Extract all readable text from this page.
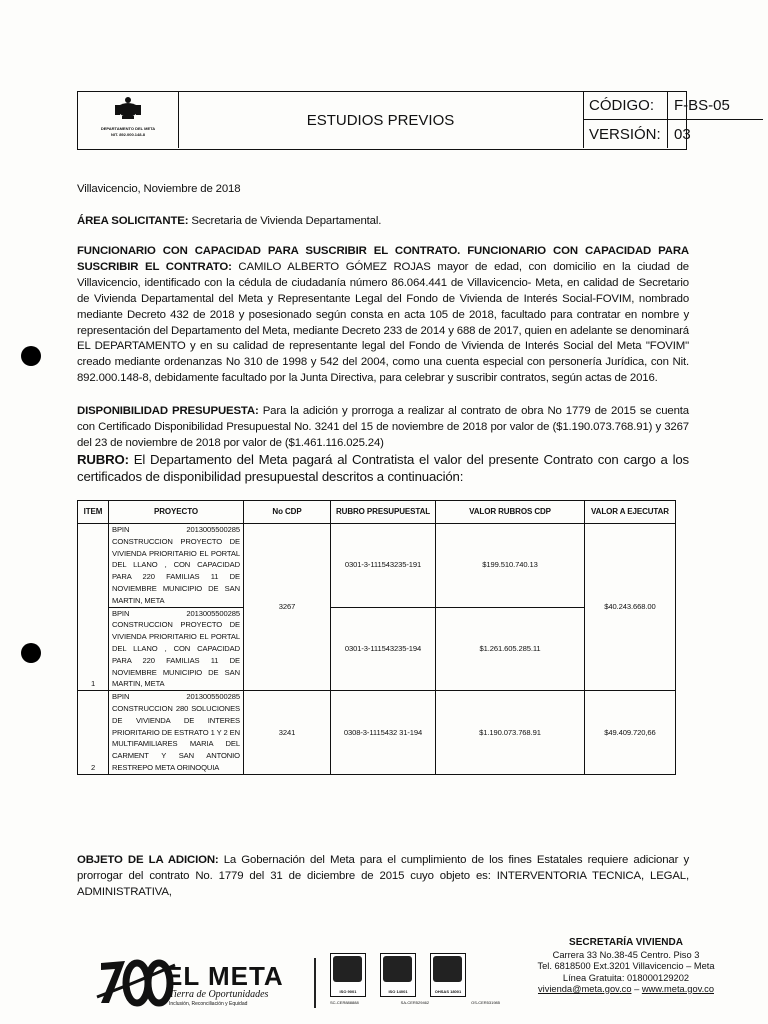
DEPARTAMENTO DEL META
NIT. 892.000.148-8
ESTUDIOS PREVIOS
CÓDIGO:	F-BS-05
VERSIÓN: 03
Villavicencio, Noviembre de 2018
ÁREA SOLICITANTE: Secretaria de Vivienda Departamental.
FUNCIONARIO CON CAPACIDAD PARA SUSCRIBIR EL CONTRATO. FUNCIONARIO CON CAPACIDAD PARA SUSCRIBIR EL CONTRATO: CAMILO ALBERTO GÓMEZ ROJAS mayor de edad, con domicilio en la ciudad de Villavicencio, identificado con la cédula de ciudadanía número 86.064.441 de Villavicencio- Meta, en calidad de Secretario de Vivienda Departamental del Meta y Representante Legal del Fondo de Vivienda de Interés Social-FOVIM, nombrado mediante Decreto 432 de 2018 y posesionado según consta en acta 105 de 2018, facultado para contratar en nombre y representación del Departamento del Meta, mediante Decreto 233 de 2014 y 688 de 2017, quien en adelante se denominará EL DEPARTAMENTO y en su calidad de representante legal del Fondo de Vivienda de Interés Social del Meta "FOVIM" creado mediante ordenanzas No 310 de 1998 y 542 del 2004, como una cuenta especial con personería Jurídica, con Nit. 892.000.148-8, debidamente facultado por la Junta Directiva, para celebrar y suscribir contratos, según actas de 2016.
DISPONIBILIDAD PRESUPUESTA: Para la adición y prorroga a realizar al contrato de obra No 1779 de 2015 se cuenta con Certificado Disponibilidad Presupuestal No. 3241 del 15 de noviembre de 2018 por valor de ($1.190.073.768.91) y 3267 del 23 de noviembre de 2018 por valor de ($1.461.116.025.24)
RUBRO: El Departamento del Meta pagará al Contratista el valor del presente Contrato con cargo a los certificados de disponibilidad presupuestal descritos a continuación:
ITEM	PROYECTO	No CDP	RUBRO PRESUPUESTAL	VALOR RUBROS CDP	VALOR A EJECUTAR
1	BPIN 2013005500285 CONSTRUCCION PROYECTO DE VIVIENDA PRIORITARIO EL PORTAL DEL LLANO , CON CAPACIDAD PARA 220 FAMILIAS 11 DE NOVIEMBRE MUNICIPIO DE SAN MARTIN, META	3267	0301-3-111543235-191	$199.510.740.13	$40.243.668.00
	BPIN 2013005500285 CONSTRUCCION PROYECTO DE VIVIENDA PRIORITARIO EL PORTAL DEL LLANO , CON CAPACIDAD PARA 220 FAMILIAS 11 DE NOVIEMBRE MUNICIPIO DE SAN MARTIN, META		0301-3-111543235-194	$1.261.605.285.11	
2	BPIN 2013005500285 CONSTRUCCION 280 SOLUCIONES DE VIVIENDA DE INTERES PRIORITARIO DE ESTRATO 1 Y 2 EN MULTIFAMILIARES MARIA DEL CARMENT Y SAN ANTONIO RESTREPO META ORINOQUIA	3241	0308-3-1115432 31-194	$1.190.073.768.91	$49.409.720,66
OBJETO DE LA ADICION: La Gobernación del Meta para el cumplimiento de los fines Estatales requiere adicionar y prorrogar del contrato No. 1779 del 31 de diciembre de 2015 cuyo objeto es: INTERVENTORIA TECNICA, LEGAL, ADMINISTRATIVA,
EL META
Tierra de Oportunidades
Inclusión, Reconciliación y Equidad
ISO 9001	ISO 14001	OHSAS 18001
SC-CER888888	SA-CER529462	OS-CER531985
SECRETARÍA VIVIENDA
Carrera 33 No.38-45 Centro. Piso 3
Tel. 6818500 Ext.3201 Villavicencio – Meta
Línea Gratuita: 018000129202
vivienda@meta.gov.co – www.meta.gov.co
